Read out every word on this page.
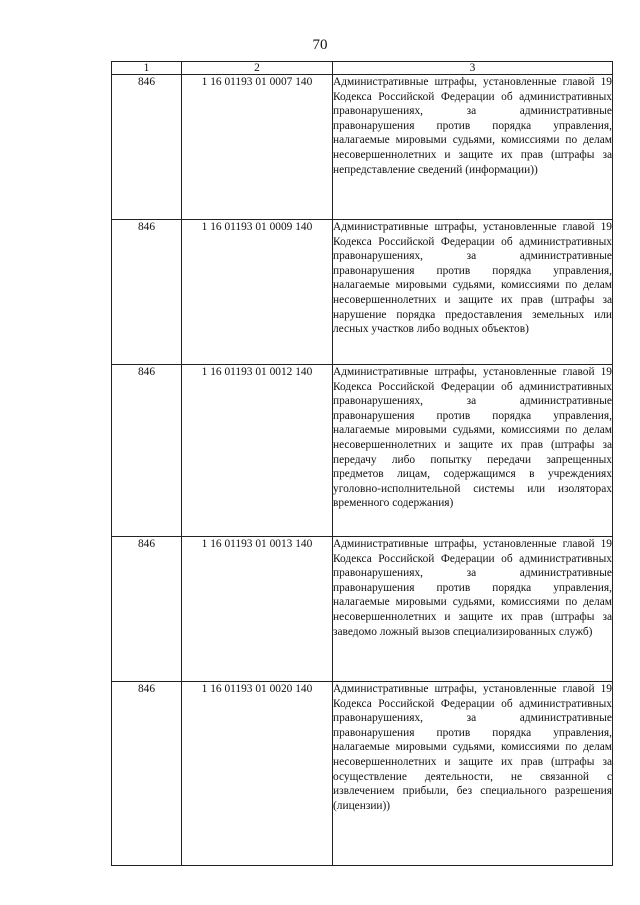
70
1	2	3
846	1 16 01193 01 0007 140	Административные штрафы, установленные главой 19 Кодекса Российской Федерации об административных правонарушениях, за административные правонарушения против порядка управления, налагаемые мировыми судьями, комиссиями по делам несовершеннолетних и защите их прав (штрафы за непредставление сведений (информации))

846	1 16 01193 01 0009 140	Административные штрафы, установленные главой 19 Кодекса Российской Федерации об административных правонарушениях, за административные правонарушения против порядка управления, налагаемые мировыми судьями, комиссиями по делам несовершеннолетних и защите их прав (штрафы за нарушение порядка предоставления земельных или лесных участков либо водных объектов)

846	1 16 01193 01 0012 140	Административные штрафы, установленные главой 19 Кодекса Российской Федерации об административных правонарушениях, за административные правонарушения против порядка управления, налагаемые мировыми судьями, комиссиями по делам несовершеннолетних и защите их прав (штрафы за передачу либо попытку передачи запрещенных предметов лицам, содержащимся в учреждениях уголовно-исполнительной системы или изоляторах временного содержания)

846	1 16 01193 01 0013 140	Административные штрафы, установленные главой 19 Кодекса Российской Федерации об административных правонарушениях, за административные правонарушения против порядка управления, налагаемые мировыми судьями, комиссиями по делам несовершеннолетних и защите их прав (штрафы за заведомо ложный вызов специализированных служб)

846	1 16 01193 01 0020 140	Административные штрафы, установленные главой 19 Кодекса Российской Федерации об административных правонарушениях, за административные правонарушения против порядка управления, налагаемые мировыми судьями, комиссиями по делам несовершеннолетних и защите их прав (штрафы за осуществление деятельности, не связанной с извлечением прибыли, без специального разрешения (лицензии))
